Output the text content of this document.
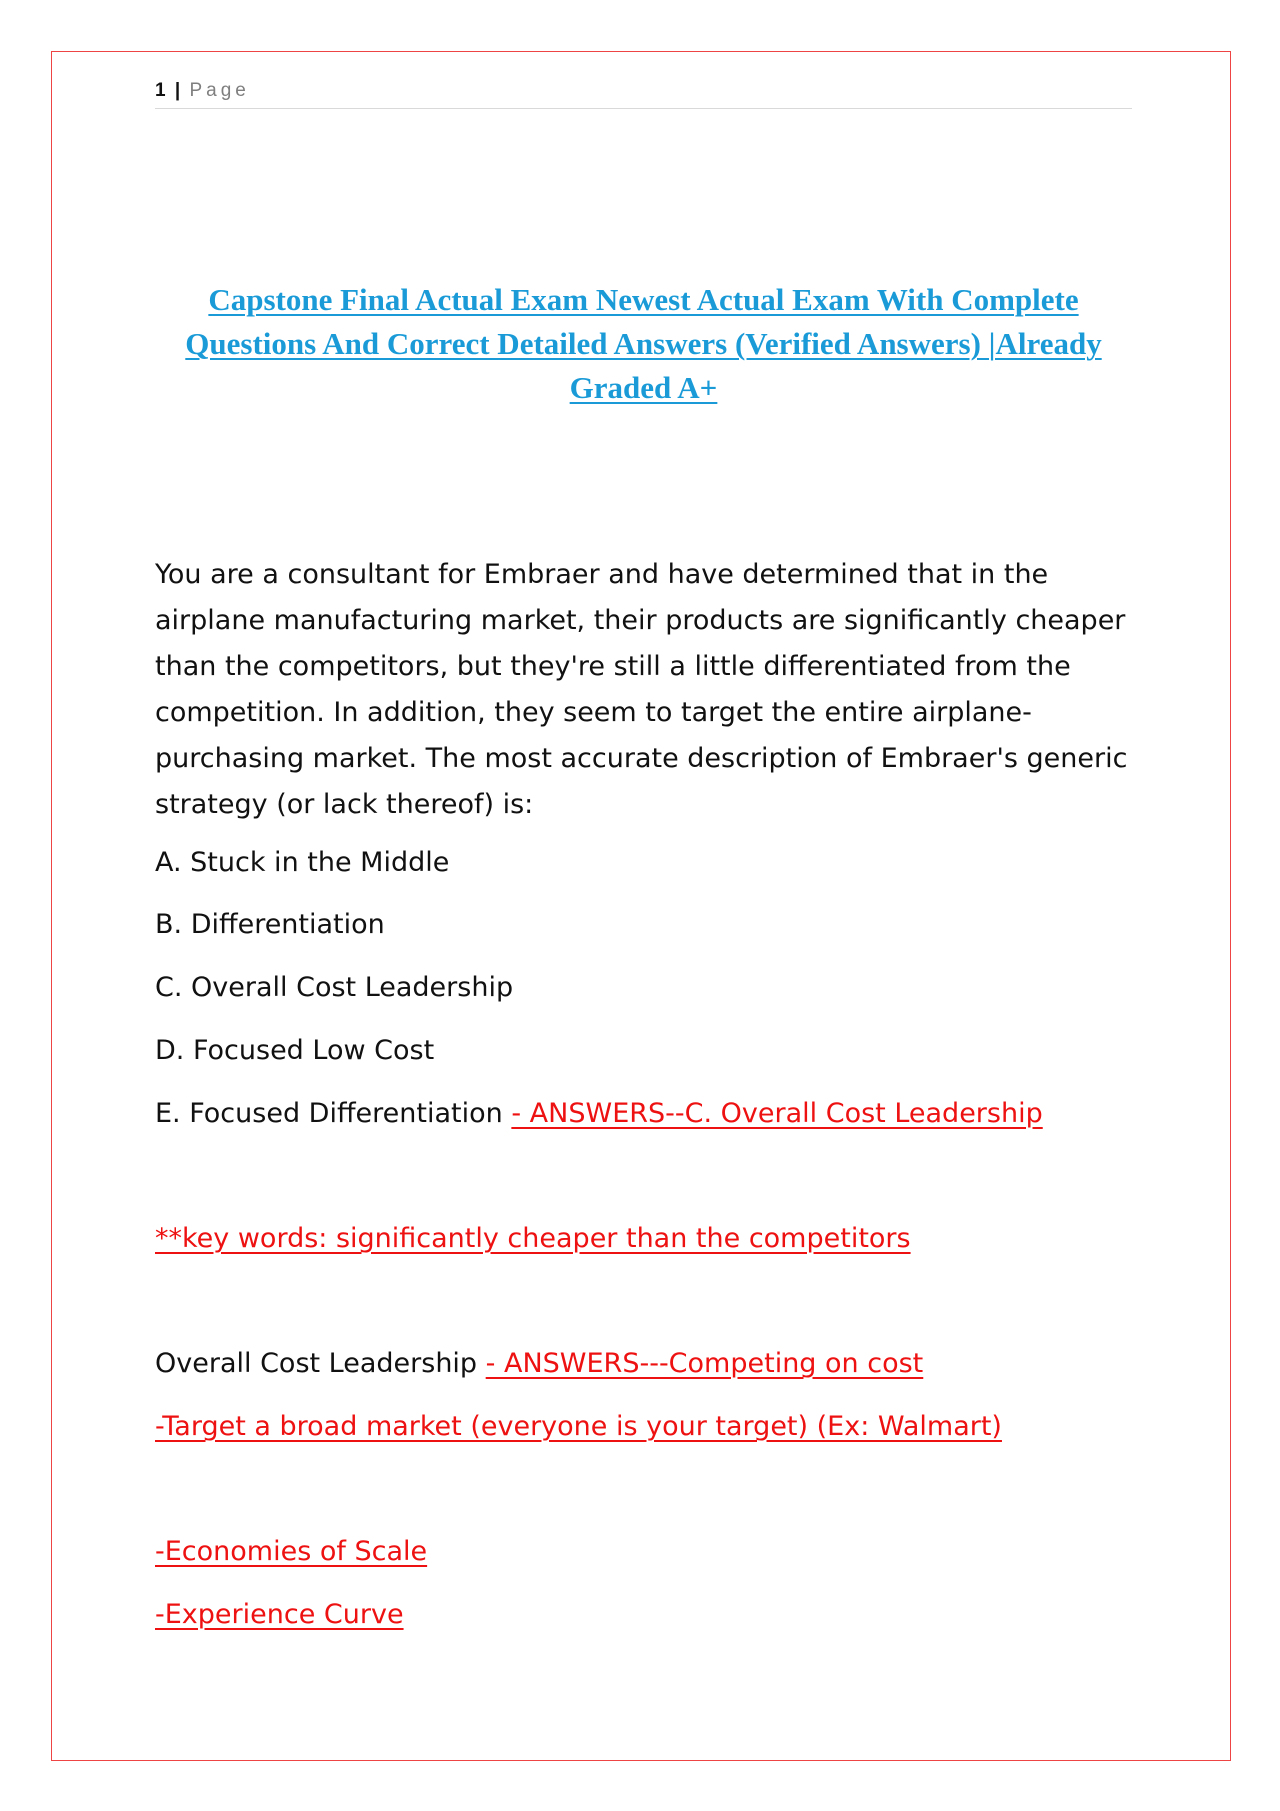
1 | Page
Capstone Final Actual Exam Newest Actual Exam With Complete Questions And Correct Detailed Answers (Verified Answers) |Already Graded A+
You are a consultant for Embraer and have determined that in the airplane manufacturing market, their products are significantly cheaper than the competitors, but they're still a little differentiated from the competition. In addition, they seem to target the entire airplane-purchasing market. The most accurate description of Embraer's generic strategy (or lack thereof) is:
A. Stuck in the Middle
B. Differentiation
C. Overall Cost Leadership
D. Focused Low Cost
E. Focused Differentiation - ANSWERS--C. Overall Cost Leadership
**key words: significantly cheaper than the competitors
Overall Cost Leadership - ANSWERS---Competing on cost
-Target a broad market (everyone is your target) (Ex: Walmart)
-Economies of Scale
-Experience Curve
